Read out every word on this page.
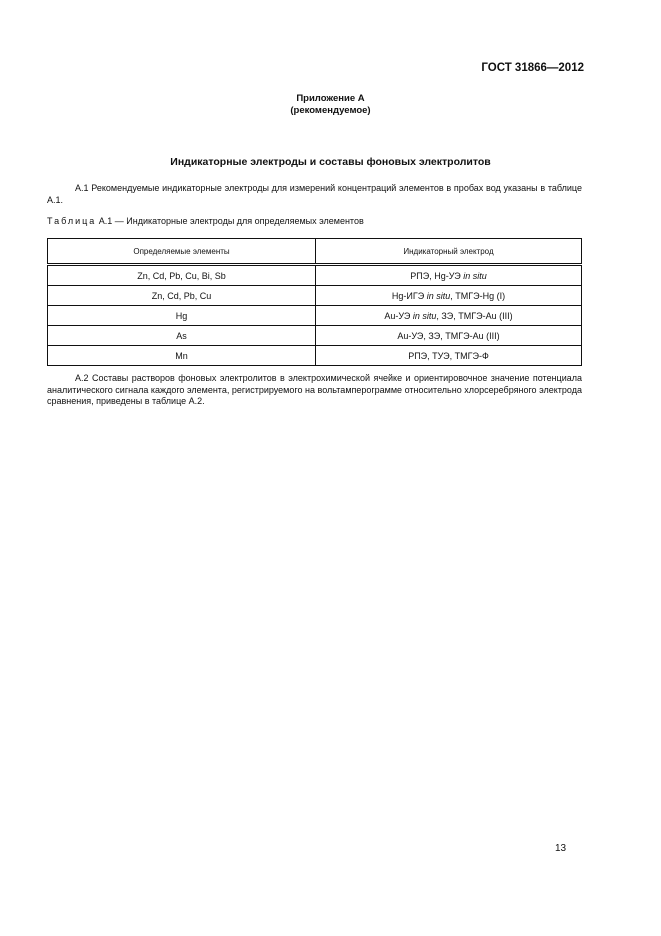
ГОСТ 31866—2012
Приложение А
(рекомендуемое)
Индикаторные электроды и составы фоновых электролитов
А.1 Рекомендуемые индикаторные электроды для измерений концентраций элементов в пробах вод указаны в таблице А.1.
Таблица А.1 — Индикаторные электроды для определяемых элементов
Определяемые элементы	Индикаторный электрод
Zn, Cd, Pb, Cu, Bi, Sb	РПЭ, Hg-УЭ in situ
Zn, Cd, Pb, Cu	Hg-ИГЭ in situ, ТМГЭ-Hg (I)
Hg	Au-УЭ in situ, ЗЭ, ТМГЭ-Au (III)
As	Au-УЭ, ЗЭ, ТМГЭ-Au (III)
Mn	РПЭ, ТУЭ, ТМГЭ-Ф
А.2 Составы растворов фоновых электролитов в электрохимической ячейке и ориентировочное значение потенциала аналитического сигнала каждого элемента, регистрируемого на вольтамперограмме относительно хлорсеребряного электрода сравнения, приведены в таблице А.2.
13
